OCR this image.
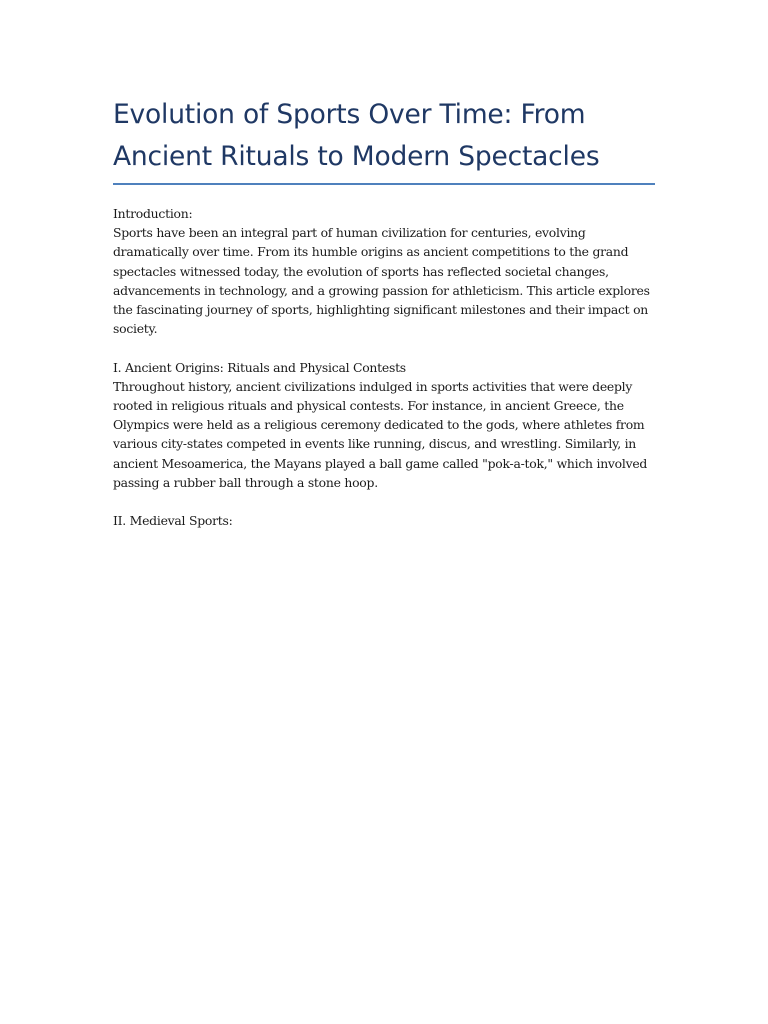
Evolution of Sports Over Time: From
Ancient Rituals to Modern Spectacles

Introduction:

Sports have been an integral part of human civilization for centuries, evolving dramatically over time. From its humble origins as ancient competitions to the grand spectacles witnessed today, the evolution of sports has reflected societal changes, advancements in technology, and a growing passion for athleticism. This article explores the fascinating journey of sports, highlighting significant milestones and their impact on society.

I. Ancient Origins: Rituals and Physical Contests

Throughout history, ancient civilizations indulged in sports activities that were deeply rooted in religious rituals and physical contests. For instance, in ancient Greece, the Olympics were held as a religious ceremony dedicated to the gods, where athletes from various city-states competed in events like running, discus, and wrestling. Similarly, in ancient Mesoamerica, the Mayans played a ball game called "pok-a-tok," which involved passing a rubber ball through a stone hoop.

II. Medieval Sports:
